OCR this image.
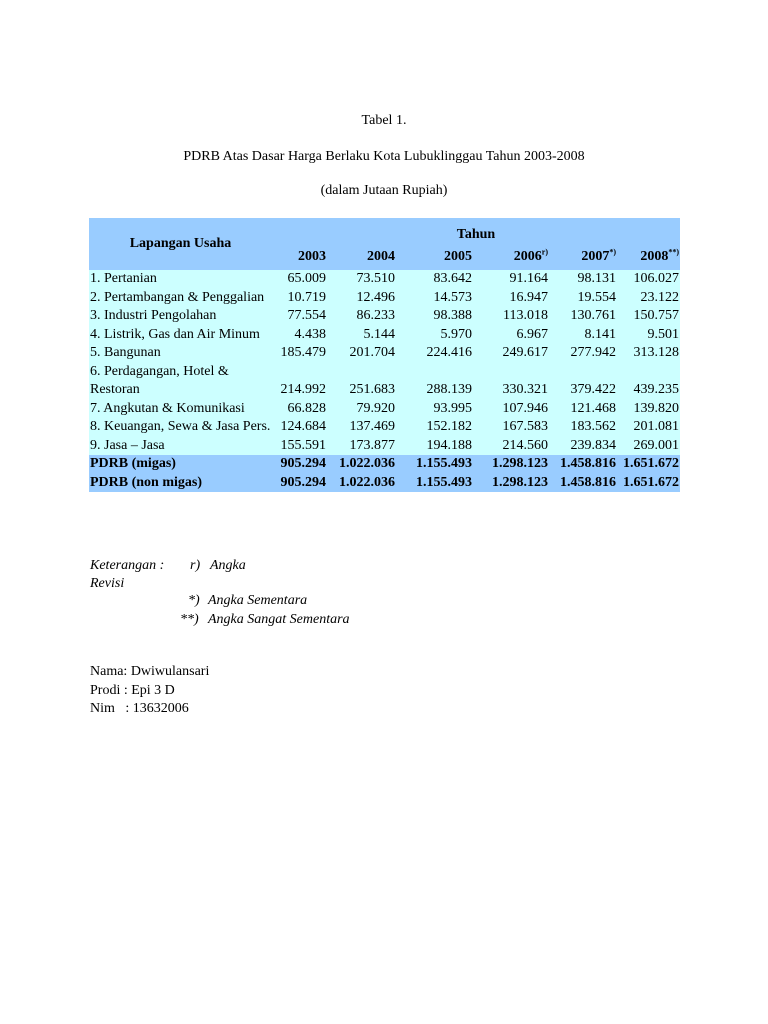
Tabel 1.
PDRB Atas Dasar Harga Berlaku Kota Lubuklinggau Tahun 2003-2008
(dalam Jutaan Rupiah)
Lapangan Usaha	Tahun					
	2003	2004	2005	2006$^{r)}$	2007*)	2008**)
1. Pertanian	65.009	73.510	83.642	91.164	98.131	106.027
2. Pertambangan & Penggalian	10.719	12.496	14.573	16.947	19.554	23.122
3. Industri Pengolahan	77.554	86.233	98.388	113.018	130.761	150.757
4. Listrik, Gas dan Air Minum	4.438	5.144	5.970	6.967	8.141	9.501
5. Bangunan	185.479	201.704	224.416	249.617	277.942	313.128
6. Perdagangan, Hotel & Restoran	214.992	251.683	288.139	330.321	379.422	439.235
7. Angkutan & Komunikasi	66.828	79.920	93.995	107.946	121.468	139.820
8. Keuangan, Sewa & Jasa Pers.	124.684	137.469	152.182	167.583	183.562	201.081
9. Jasa – Jasa	155.591	173.877	194.188	214.560	239.834	269.001
PDRB (migas)	905.294	1.022.036	1.155.493	1.298.123	1.458.816	1.651.672
PDRB (non migas)	905.294	1.022.036	1.155.493	1.298.123	1.458.816	1.651.672
Keterangan : r) Angka
Revisi
*) Angka Sementara
**) Angka Sangat Sementara
Nama: Dwiwulansari
Prodi : Epi 3 D
Nim   : 13632006
